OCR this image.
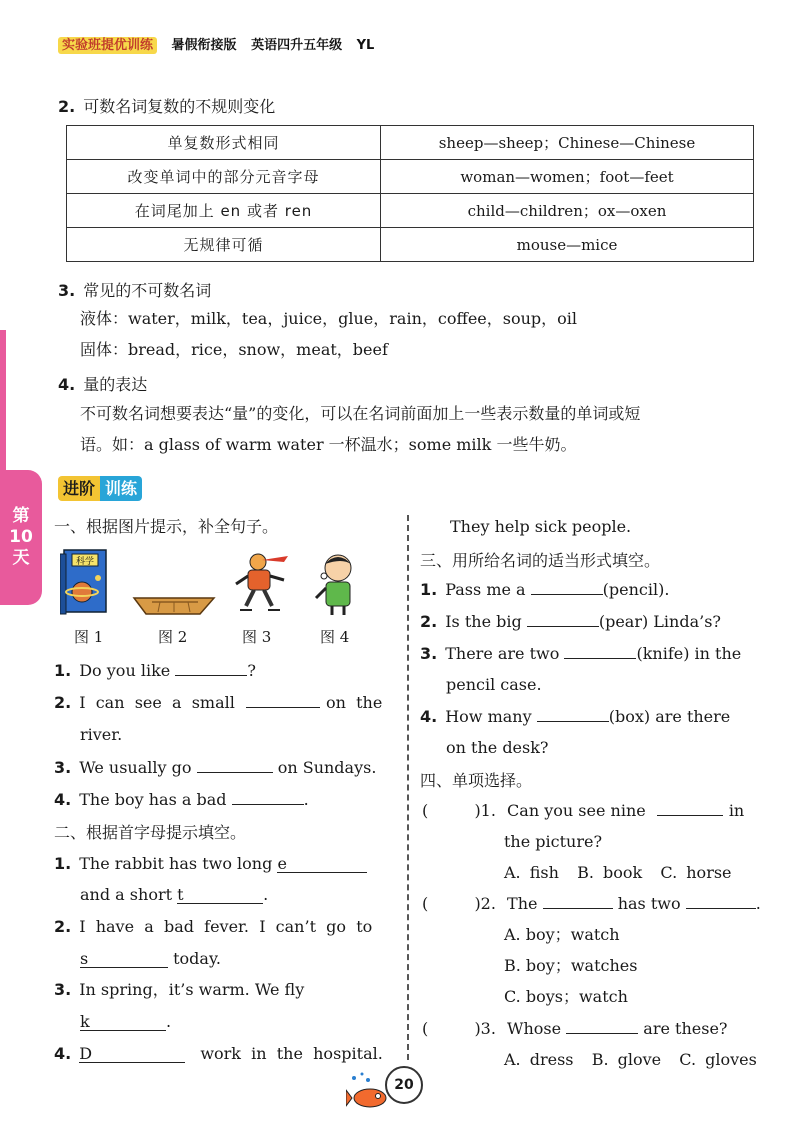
实验班提优训练 暑假衔接版 英语四升五年级 YL
2. 可数名词复数的不规则变化
单复数形式相同	sheep—sheep；Chinese—Chinese
改变单词中的部分元音字母	woman—women；foot—feet
在词尾加上 en 或者 ren	child—children；ox—oxen
无规律可循	mouse—mice
3. 常见的不可数名词
液体：water，milk，tea，juice，glue，rain，coffee，soup，oil
固体：bread，rice，snow，meat，beef
4. 量的表达
不可数名词想要表达“量”的变化，可以在名词前面加上一些表示数量的单词或短
语。如：a glass of warm water 一杯温水；some milk 一些牛奶。
第
10
天
进阶 训练
一、根据图片提示，补全句子。
科学
图 1	图 2	图 3	图 4
1. Do you like	?
2. I  can  see  a  small	on  the
river.
3. We usually go	on Sundays.
4. The boy has a bad	.
二、根据首字母提示填空。
1. The rabbit has two long e
and a short t	.
2. I  have  a  bad  fever.  I  can’t  go  to
s	today.
3. In spring，it’s warm. We fly
k	.
4. D	work  in  the  hospital.
They help sick people.
三、用所给名词的适当形式填空。
1. Pass me a	(pencil).
2. Is the big	(pear) Linda’s?
3. There are two	(knife) in the
pencil case.
4. How many	(box) are there
on the desk?
四、单项选择。
(	)1. Can you see nine	in
the picture?
A. fish B. book C. horse
(	)2. The	has two	.
A. boy；watch
B. boy；watches
C. boys；watch
(	)3. Whose	are these?
A. dress B. glove C. gloves
20
